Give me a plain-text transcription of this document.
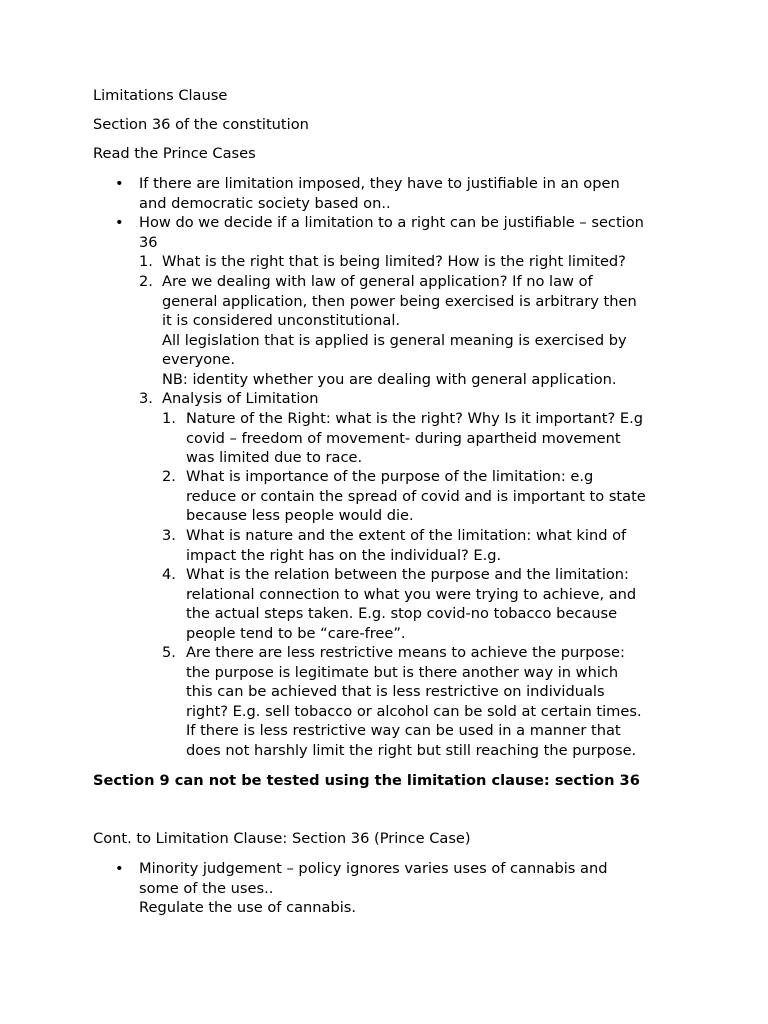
Limitations Clause

Section 36 of the constitution

Read the Prince Cases

• If there are limitation imposed, they have to justifiable in an open
and democratic society based on..
• How do we decide if a limitation to a right can be justifiable – section
36
1. What is the right that is being limited? How is the right limited?
2. Are we dealing with law of general application? If no law of
general application, then power being exercised is arbitrary then
it is considered unconstitutional.
All legislation that is applied is general meaning is exercised by
everyone.
NB: identity whether you are dealing with general application.
3. Analysis of Limitation
1. Nature of the Right: what is the right? Why Is it important? E.g
covid – freedom of movement- during apartheid movement
was limited due to race.
2. What is importance of the purpose of the limitation: e.g
reduce or contain the spread of covid and is important to state
because less people would die.
3. What is nature and the extent of the limitation: what kind of
impact the right has on the individual? E.g.
4. What is the relation between the purpose and the limitation:
relational connection to what you were trying to achieve, and
the actual steps taken. E.g. stop covid-no tobacco because
people tend to be “care-free”.
5. Are there are less restrictive means to achieve the purpose:
the purpose is legitimate but is there another way in which
this can be achieved that is less restrictive on individuals
right? E.g. sell tobacco or alcohol can be sold at certain times.
If there is less restrictive way can be used in a manner that
does not harshly limit the right but still reaching the purpose.

Section 9 can not be tested using the limitation clause: section 36

Cont. to Limitation Clause: Section 36 (Prince Case)

• Minority judgement – policy ignores varies uses of cannabis and
some of the uses..
Regulate the use of cannabis.
